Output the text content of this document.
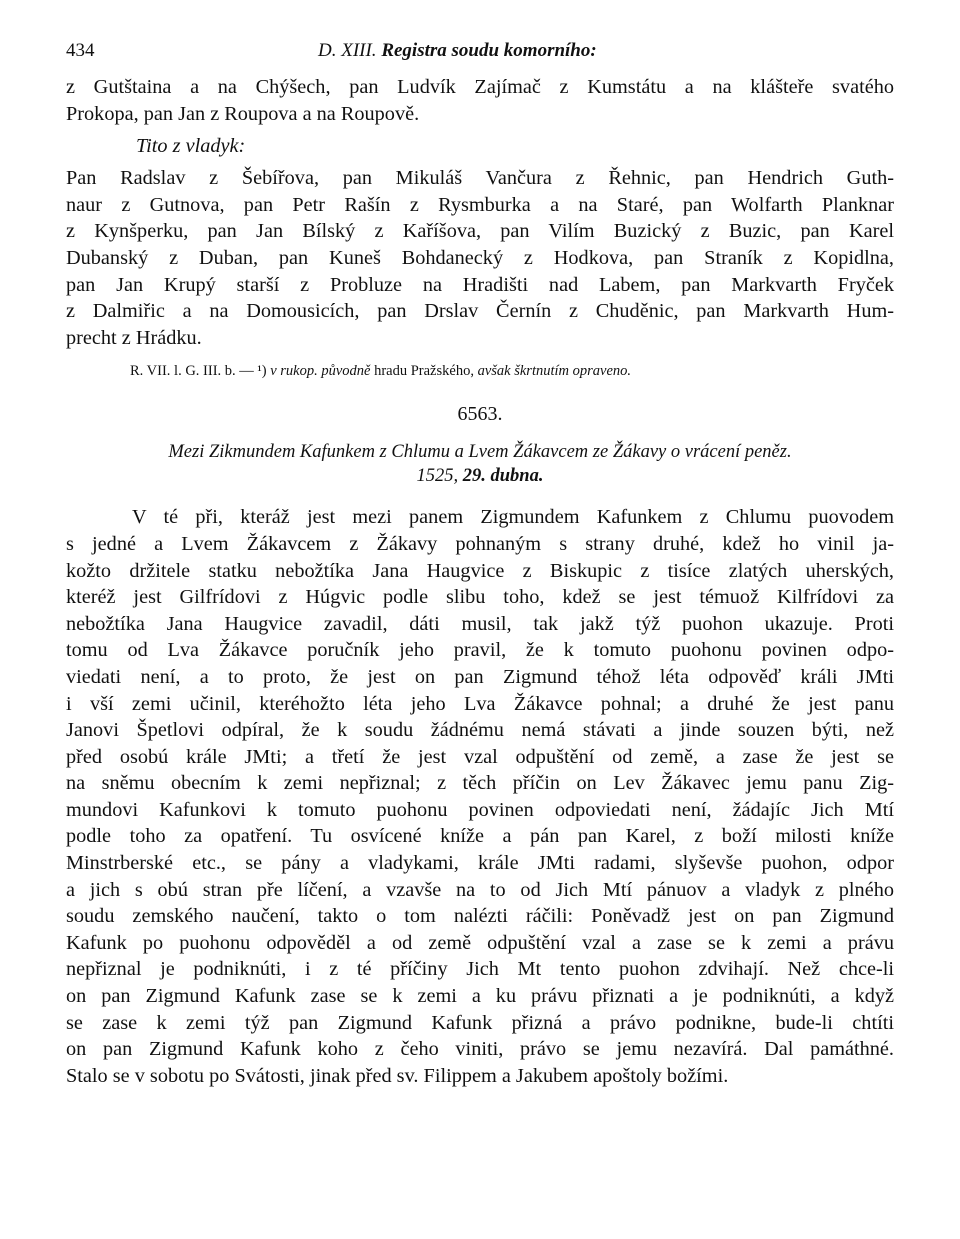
434	D. XIII. Registra soudu komorního:
z Gutštaina a na Chýšech, pan Ludvík Zajímač z Kumstátu a na klášteře svatého
Prokopa, pan Jan z Roupova a na Roupově.
Tito z vladyk:
Pan Radslav z Šebířova, pan Mikuláš Vančura z Řehnic, pan Hendrich Guth-
naur z Gutnova, pan Petr Rašín z Rysmburka a na Staré, pan Wolfarth Planknar
z Kynšperku, pan Jan Bílský z Kaříšova, pan Vilím Buzický z Buzic, pan Karel
Dubanský z Duban, pan Kuneš Bohdanecký z Hodkova, pan Straník z Kopidlna,
pan Jan Krupý starší z Probluze na Hradišti nad Labem, pan Markvarth Fryček
z Dalmiřic a na Domousicích, pan Drslav Černín z Chuděnic, pan Markvarth Hum-
precht z Hrádku.
R. VII. l. G. III. b. — ¹) v rukop. původně hradu Pražského, avšak škrtnutím opraveno.
6563.
Mezi Zikmundem Kafunkem z Chlumu a Lvem Žákavcem ze Žákavy o vrácení peněz.
1525, 29. dubna.
V té při, kteráž jest mezi panem Zigmundem Kafunkem z Chlumu puovodem
s jedné a Lvem Žákavcem z Žákavy pohnaným s strany druhé, kdež ho vinil ja-
kožto držitele statku nebožtíka Jana Haugvice z Biskupic z tisíce zlatých uherských,
kteréž jest Gilfrídovi z Húgvic podle slibu toho, kdež se jest témuož Kilfrídovi za
nebožtíka Jana Haugvice zavadil, dáti musil, tak jakž týž puohon ukazuje. Proti
tomu od Lva Žákavce poručník jeho pravil, že k tomuto puohonu povinen odpo-
viedati není, a to proto, že jest on pan Zigmund téhož léta odpověď králi JMti
i vší zemi učinil, kteréhožto léta jeho Lva Žákavce pohnal; a druhé že jest panu
Janovi Špetlovi odpíral, že k soudu žádnému nemá stávati a jinde souzen býti, než
před osobú krále JMti; a třetí že jest vzal odpuštění od země, a zase že jest se
na sněmu obecním k zemi nepřiznal; z těch příčin on Lev Žákavec jemu panu Zig-
mundovi Kafunkovi k tomuto puohonu povinen odpoviedati není, žádajíc Jich Mtí
podle toho za opatření. Tu osvícené kníže a pán pan Karel, z boží milosti kníže
Minstrberské etc., se pány a vladykami, krále JMti radami, slyševše puohon, odpor
a jich s obú stran pře líčení, a vzavše na to od Jich Mtí pánuov a vladyk z plného
soudu zemského naučení, takto o tom nalézti ráčili: Poněvadž jest on pan Zigmund
Kafunk po puohonu odpověděl a od země odpuštění vzal a zase se k zemi a právu
nepřiznal je podniknúti, i z té příčiny Jich Mt tento puohon zdvihají. Než chce-li
on pan Zigmund Kafunk zase se k zemi a ku právu přiznati a je podniknúti, a když
se zase k zemi týž pan Zigmund Kafunk přizná a právo podnikne, bude-li chtíti
on pan Zigmund Kafunk koho z čeho viniti, právo se jemu nezavírá. Dal památhné.
Stalo se v sobotu po Svátosti, jinak před sv. Filippem a Jakubem apoštoly božími.
